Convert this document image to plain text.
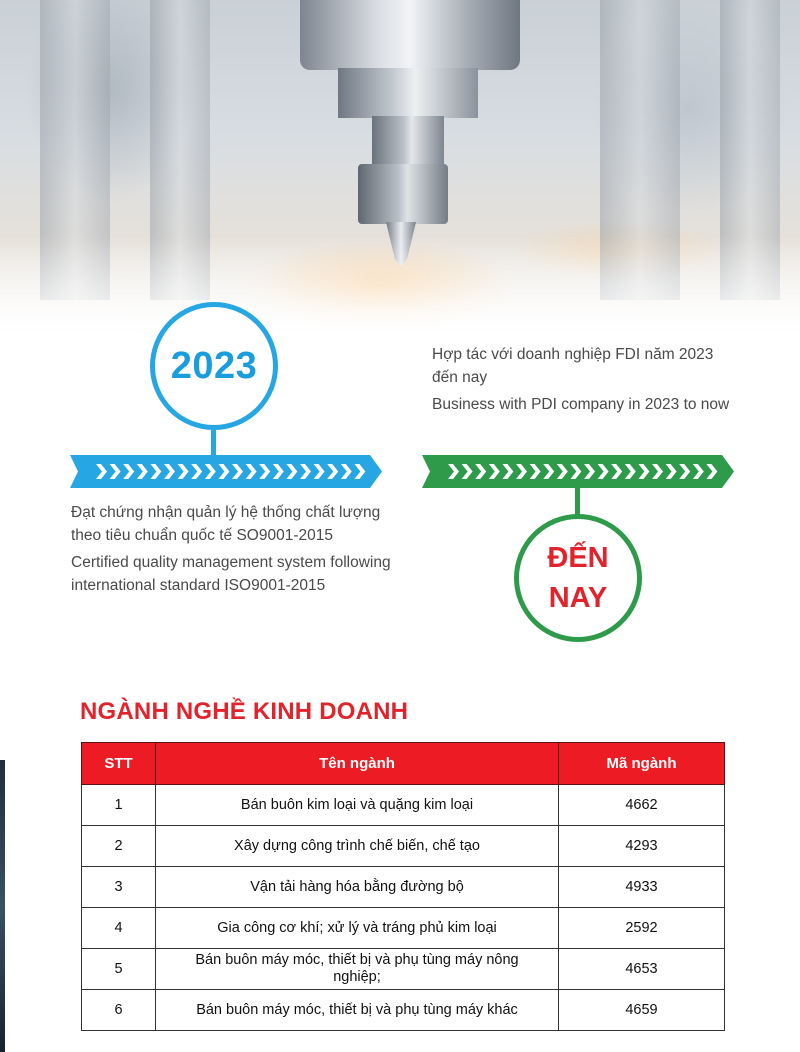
2023	Hợp tác với doanh nghiệp FDI năm 2023 đến nay

Business with PDI company in 2023 to now

Đạt chứng nhận quản lý hệ thống chất lượng theo tiêu chuẩn quốc tế SO9001-2015

Certified quality management system following international standard ISO9001-2015

ĐẾN
NAY
NGÀNH NGHỀ KINH DOANH
STT	Tên ngành	Mã ngành
1	Bán buôn kim loại và quặng kim loại	4662
2	Xây dựng công trình chế biến, chế tạo	4293
3	Vận tải hàng hóa bằng đường bộ	4933
4	Gia công cơ khí; xử lý và tráng phủ kim loại	2592
5	Bán buôn máy móc, thiết bị và phụ tùng máy nông nghiệp;	4653
6	Bán buôn máy móc, thiết bị và phụ tùng máy khác	4659
